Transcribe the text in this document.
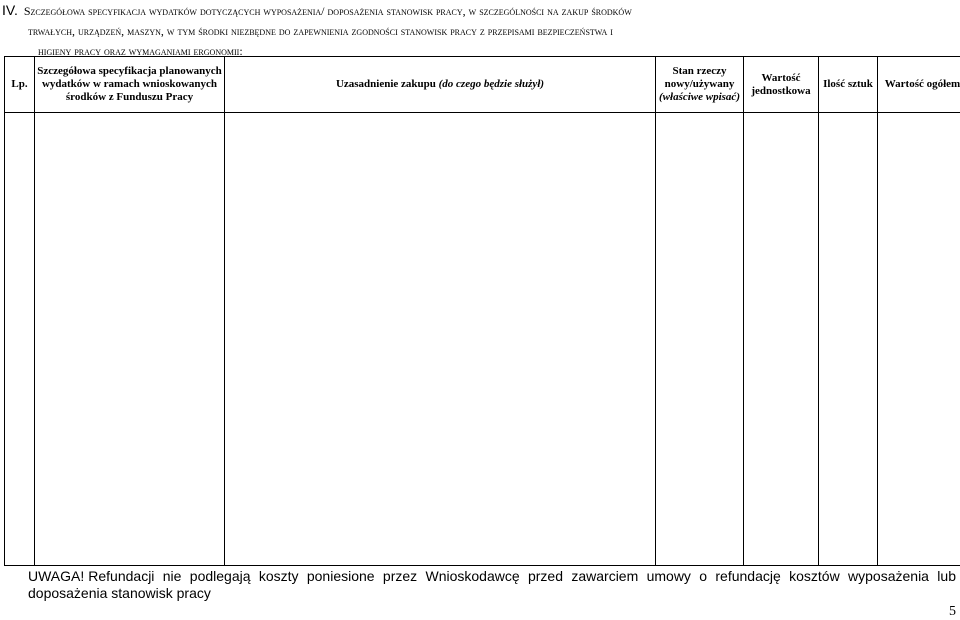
IV. Szczegółowa specyfikacja wydatków dotyczących wyposażenia/ doposażenia stanowisk pracy, w szczególności na zakup środków
trwałych, urządzeń, maszyn, w tym środki niezbędne do zapewnienia zgodności stanowisk pracy z przepisami bezpieczeństwa i
higieny pracy oraz wymaganiami ergonomii:
Lp.	Szczegółowa specyfikacja planowanych wydatków w ramach wnioskowanych środków z Funduszu Pracy	Uzasadnienie zakupu (do czego będzie służył)	Stan rzeczy nowy/używany
(właściwe wpisać)	Wartość jednostkowa	Ilość sztuk	Wartość ogółem

UWAGA! Refundacji nie podlegają koszty poniesione przez Wnioskodawcę przed zawarciem umowy o refundację kosztów wyposażenia lub doposażenia stanowisk pracy
5
